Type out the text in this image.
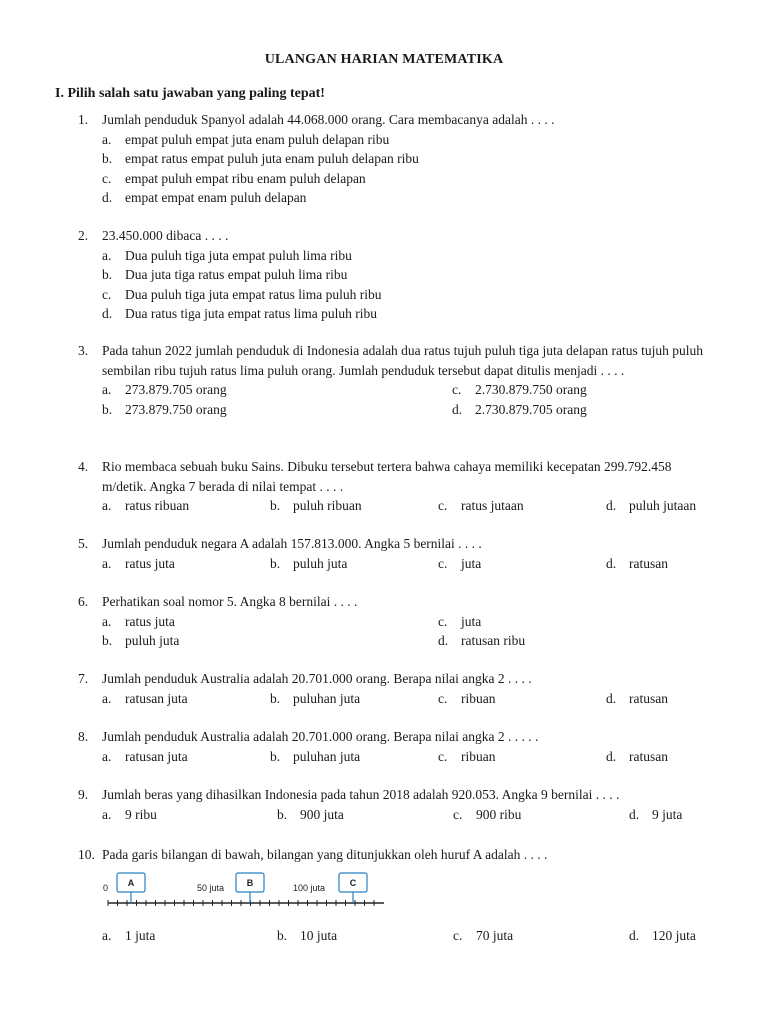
ULANGAN HARIAN MATEMATIKA
I. Pilih salah satu jawaban yang paling tepat!
1.	Jumlah penduduk Spanyol adalah 44.068.000 orang. Cara membacanya adalah . . . .
a. empat puluh empat juta enam puluh delapan ribu
b. empat ratus empat puluh juta enam puluh delapan ribu
c. empat puluh empat ribu enam puluh delapan
d. empat empat enam puluh delapan
2.	23.450.000 dibaca . . . .
a. Dua puluh tiga juta empat puluh lima ribu
b. Dua juta tiga ratus empat puluh lima ribu
c. Dua puluh tiga juta empat ratus lima puluh ribu
d. Dua ratus tiga juta empat ratus lima puluh ribu
3.	Pada tahun 2022 jumlah penduduk di Indonesia adalah dua ratus tujuh puluh tiga juta delapan ratus tujuh puluh sembilan ribu tujuh ratus lima puluh orang. Jumlah penduduk tersebut dapat ditulis menjadi . . . .
a. 273.879.705 orang	c. 2.730.879.750 orang
b. 273.879.750 orang	d. 2.730.879.705 orang
4.	Rio membaca sebuah buku Sains. Dibuku tersebut tertera bahwa cahaya memiliki kecepatan 299.792.458 m/detik. Angka 7 berada di nilai tempat . . . .
a. ratus ribuan	b. puluh ribuan	c. ratus jutaan	d. puluh jutaan
5.	Jumlah penduduk negara A adalah 157.813.000. Angka 5 bernilai . . . .
a. ratus juta	b. puluh juta	c. juta	d. ratusan
6.	Perhatikan soal nomor 5. Angka 8 bernilai . . . .
a. ratus juta	c. juta
b. puluh juta	d. ratusan ribu
7.	Jumlah penduduk Australia adalah 20.701.000 orang. Berapa nilai angka 2 . . . .
a. ratusan juta	b. puluhan juta	c. ribuan	d. ratusan
8.	Jumlah penduduk Australia adalah 20.701.000 orang. Berapa nilai angka 2 . . . . .
a. ratusan juta	b. puluhan juta	c. ribuan	d. ratusan
9.	Jumlah beras yang dihasilkan Indonesia pada tahun 2018 adalah 920.053. Angka 9 bernilai . . . .
a. 9 ribu	b. 900 juta	c. 900 ribu	d. 9 juta
10. Pada garis bilangan di bawah, bilangan yang ditunjukkan oleh huruf A adalah . . . .
0	50 juta	100 juta
A	B	C
a. 1 juta	b. 10 juta	c. 70 juta	d. 120 juta
